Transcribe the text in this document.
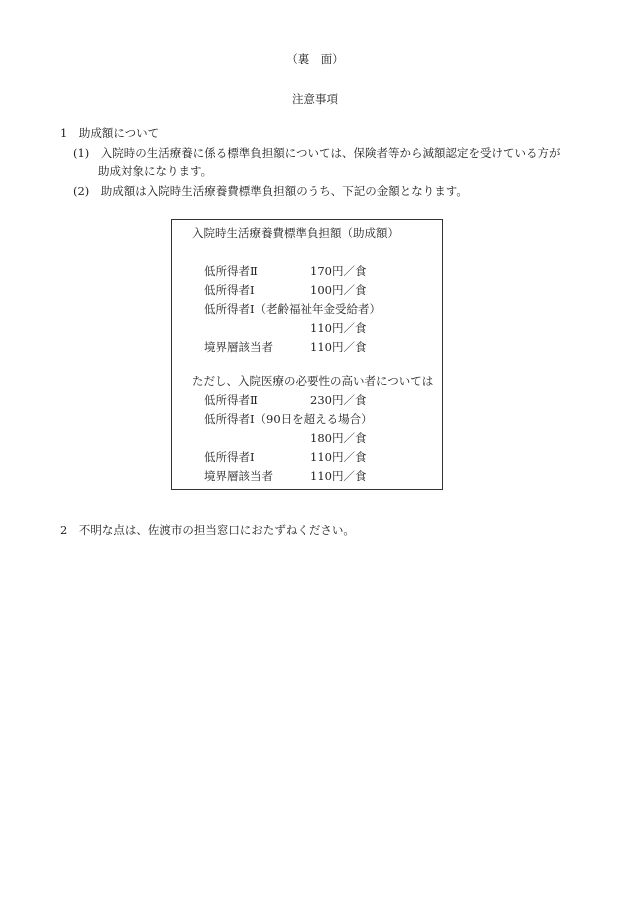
（裏　面）
注意事項
1　助成額について
(1)　入院時の生活療養に係る標準負担額については、保険者等から減額認定を受けている方が
助成対象になります。
(2)　助成額は入院時生活療養費標準負担額のうち、下記の金額となります。
入院時生活療養費標準負担額（助成額）
低所得者Ⅱ	170円／食
低所得者Ⅰ	100円／食
低所得者Ⅰ（老齢福祉年金受給者）
110円／食
境界層該当者	110円／食
ただし、入院医療の必要性の高い者については
低所得者Ⅱ	230円／食
低所得者Ⅰ（90日を超える場合）
180円／食
低所得者Ⅰ	110円／食
境界層該当者	110円／食
2　不明な点は、佐渡市の担当窓口におたずねください。
